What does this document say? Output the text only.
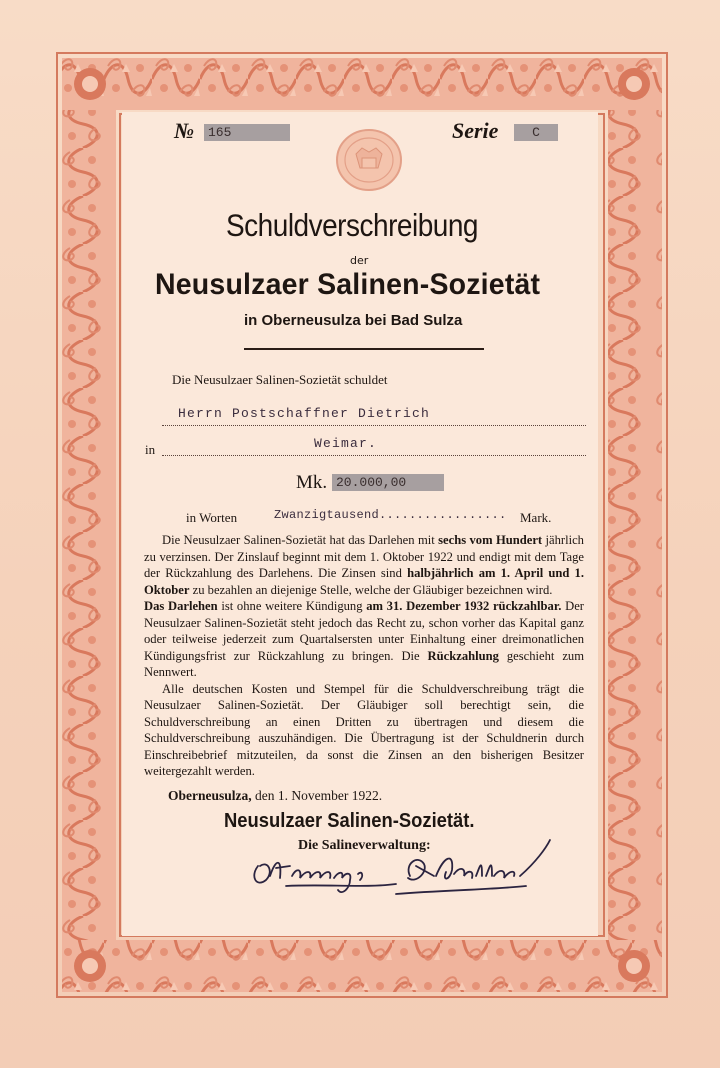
№	165	Serie	C
Schuldverschreibung
der
Neusulzaer Salinen-Sozietät
in Oberneusulza bei Bad Sulza
Die Neusulzaer Salinen-Sozietät schuldet
Herrn Postschaffner Dietrich
in	Weimar.
Mk. 20.000,00
in Worten	Zwanzigtausend................. Mark.

Die Neusulzaer Salinen-Sozietät hat das Darlehen mit sechs vom Hundert jährlich zu verzinsen. Der Zinslauf beginnt mit dem 1. Oktober 1922 und endigt mit dem Tage der Rückzahlung des Darlehens. Die Zinsen sind halbjährlich am 1. April und 1. Oktober zu bezahlen an diejenige Stelle, welche der Gläubiger bezeichnen wird.

Das Darlehen ist ohne weitere Kündigung am 31. Dezember 1932 rückzahlbar. Der Neusulzaer Salinen-Sozietät steht jedoch das Recht zu, schon vorher das Kapital ganz oder teilweise jederzeit zum Quartalsersten unter Einhaltung einer dreimonatlichen Kündigungsfrist zur Rückzahlung zu bringen. Die Rückzahlung geschieht zum Nennwert.

Alle deutschen Kosten und Stempel für die Schuldverschreibung trägt die Neusulzaer Salinen-Sozietät. Der Gläubiger soll berechtigt sein, die Schuldverschreibung an einen Dritten zu übertragen und diesem die Schuldverschreibung auszuhändigen. Die Übertragung ist der Schuldnerin durch Einschreibebrief mitzuteilen, da sonst die Zinsen an den bisherigen Besitzer weitergezahlt werden.

Oberneusulza, den 1. November 1922.
Neusulzaer Salinen-Sozietät.
Die Salineverwaltung:
